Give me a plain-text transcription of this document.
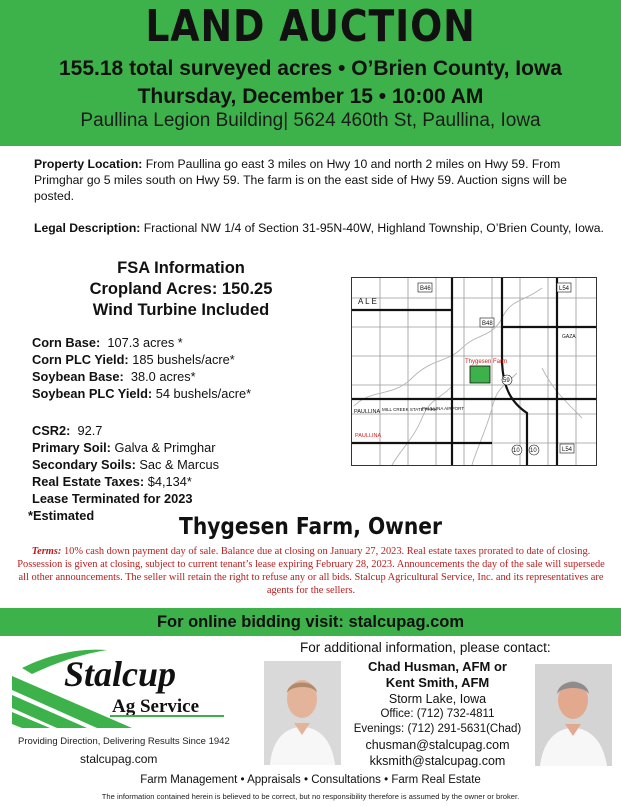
LAND AUCTION
155.18 total surveyed acres • O’Brien County, Iowa
Thursday, December 15 • 10:00 AM
Paullina Legion Building| 5624 460th St, Paullina, Iowa
Property Location: From Paullina go east 3 miles on Hwy 10 and north 2 miles on Hwy 59. From Primghar go 5 miles south on Hwy 59. The farm is on the east side of Hwy 59. Auction signs will be posted.
Legal Description: Fractional NW 1/4 of Section 31-95N-40W, Highland Township, O’Brien County, Iowa.
FSA Information
Cropland Acres: 150.25
Wind Turbine Included
Corn Base:  107.3 acres *
Corn PLC Yield: 185 bushels/acre*
Soybean Base:  38.0 acres*
Soybean PLC Yield: 54 bushels/acre*
CSR2:  92.7
Primary Soil: Galva & Primghar
Secondary Soils: Sac & Marcus
Real Estate Taxes: $4,134*
Lease Terminated for 2023
*Estimated
B46	L54
B48
L54
59
10 10
A L E
Thygesen Farm
PAULLINA MILL CREEK STATE PARK
PAULLINA AIRPORT
PAULLINA
GAZA
Thygesen Farm, Owner
Terms: 10% cash down payment day of sale. Balance due at closing on January 27, 2023. Real estate taxes prorated to date of closing. Possession is given at closing, subject to current tenant’s lease expiring February 28, 2023. Announcements the day of the sale will supersede all other announcements. The seller will retain the right to refuse any or all bids. Stalcup Agricultural Service, Inc. and its representatives are agents for the sellers.
For online bidding visit: stalcupag.com
Stalcup
Ag Service
Providing Direction, Delivering Results Since 1942
stalcupag.com
For additional information, please contact:
Chad Husman, AFM or
Kent Smith, AFM
Storm Lake, Iowa
Office: (712) 732-4811
Evenings: (712) 291-5631(Chad)
chusman@stalcupag.com
kksmith@stalcupag.com
Farm Management • Appraisals • Consultations • Farm Real Estate
The information contained herein is believed to be correct, but no responsibility therefore is assumed by the owner or broker.
